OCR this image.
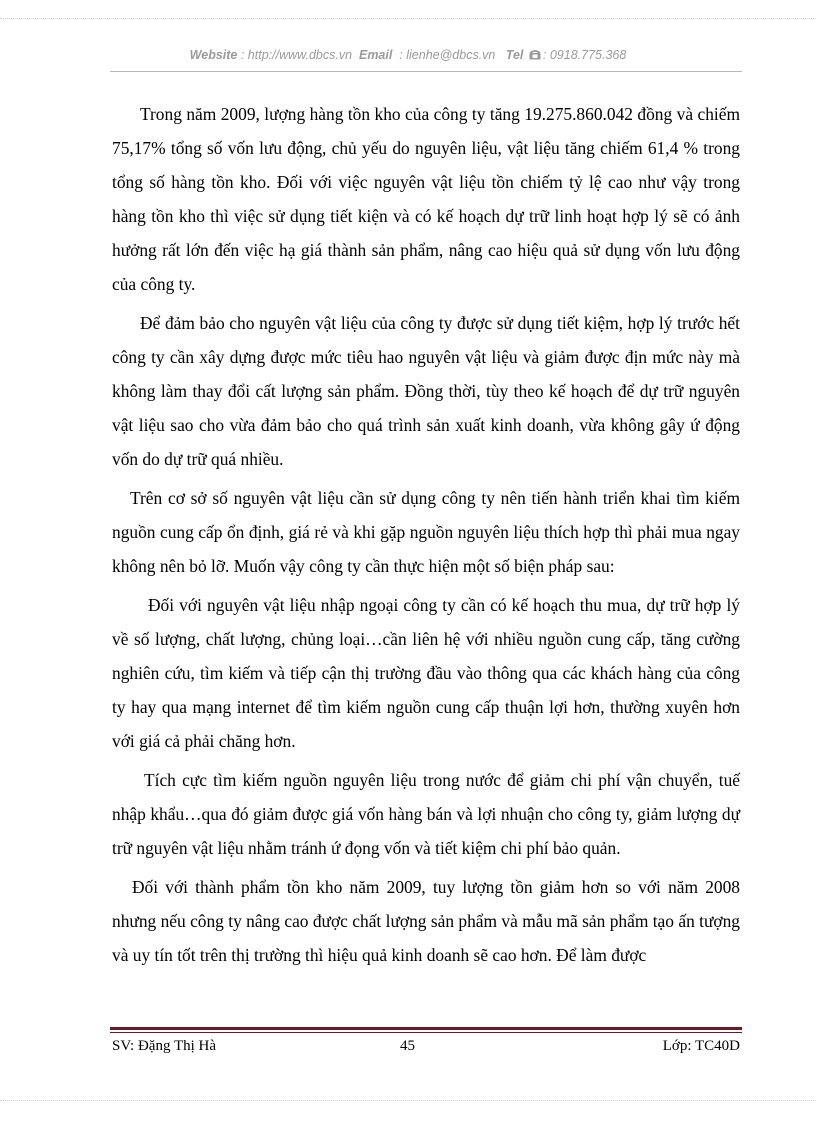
Website : http://www.dbcs.vn Email : lienhe@dbcs.vn Tel : 0918.775.368

Trong năm 2009, lượng hàng tồn kho của công ty tăng 19.275.860.042 đồng và chiếm 75,17% tổng số vốn lưu động, chủ yếu do nguyên liệu, vật liệu tăng chiếm 61,4 % trong tổng số hàng tồn kho. Đối với việc nguyên vật liệu tồn chiếm tỷ lệ cao như vậy trong hàng tồn kho thì việc sử dụng tiết kiện và có kế hoạch dự trữ linh hoạt hợp lý sẽ có ảnh hưởng rất lớn đến việc hạ giá thành sản phẩm, nâng cao hiệu quả sử dụng vốn lưu động của công ty.

Để đảm bảo cho nguyên vật liệu của công ty được sử dụng tiết kiệm, hợp lý trước hết công ty cần xây dựng được mức tiêu hao nguyên vật liệu và giảm được địn mức này mà không làm thay đổi cất lượng sản phẩm. Đồng thời, tùy theo kế hoạch để dự trữ nguyên vật liệu sao cho vừa đảm bảo cho quá trình sản xuất kinh doanh, vừa không gây ứ động vốn do dự trữ quá nhiều.

Trên cơ sở số nguyên vật liệu cần sử dụng công ty nên tiến hành triển khai tìm kiếm nguồn cung cấp ổn định, giá rẻ và khi gặp nguồn nguyên liệu thích hợp thì phải mua ngay không nên bỏ lỡ. Muốn vậy công ty cần thực hiện một số biện pháp sau:

Đối với nguyên vật liệu nhập ngoại công ty cần có kế hoạch thu mua, dự trữ hợp lý về số lượng, chất lượng, chủng loại…cần liên hệ với nhiều nguồn cung cấp, tăng cường nghiên cứu, tìm kiếm và tiếp cận thị trường đầu vào thông qua các khách hàng của công ty hay qua mạng internet để tìm kiếm nguồn cung cấp thuận lợi hơn, thường xuyên hơn với giá cả phải chăng hơn.

Tích cực tìm kiếm nguồn nguyên liệu trong nước để giảm chi phí vận chuyển, tuế nhập khẩu…qua đó giảm được giá vốn hàng bán và lợi nhuận cho công ty, giảm lượng dự trữ nguyên vật liệu nhằm tránh ứ đọng vốn và tiết kiệm chi phí bảo quản.

Đối với thành phẩm tồn kho năm 2009, tuy lượng tồn giảm hơn so với năm 2008 nhưng nếu công ty nâng cao được chất lượng sản phẩm và mẫu mã sản phẩm tạo ấn tượng và uy tín tốt trên thị trường thì hiệu quả kinh doanh sẽ cao hơn. Để làm được

SV: Đặng Thị Hà	45	Lớp: TC40D
